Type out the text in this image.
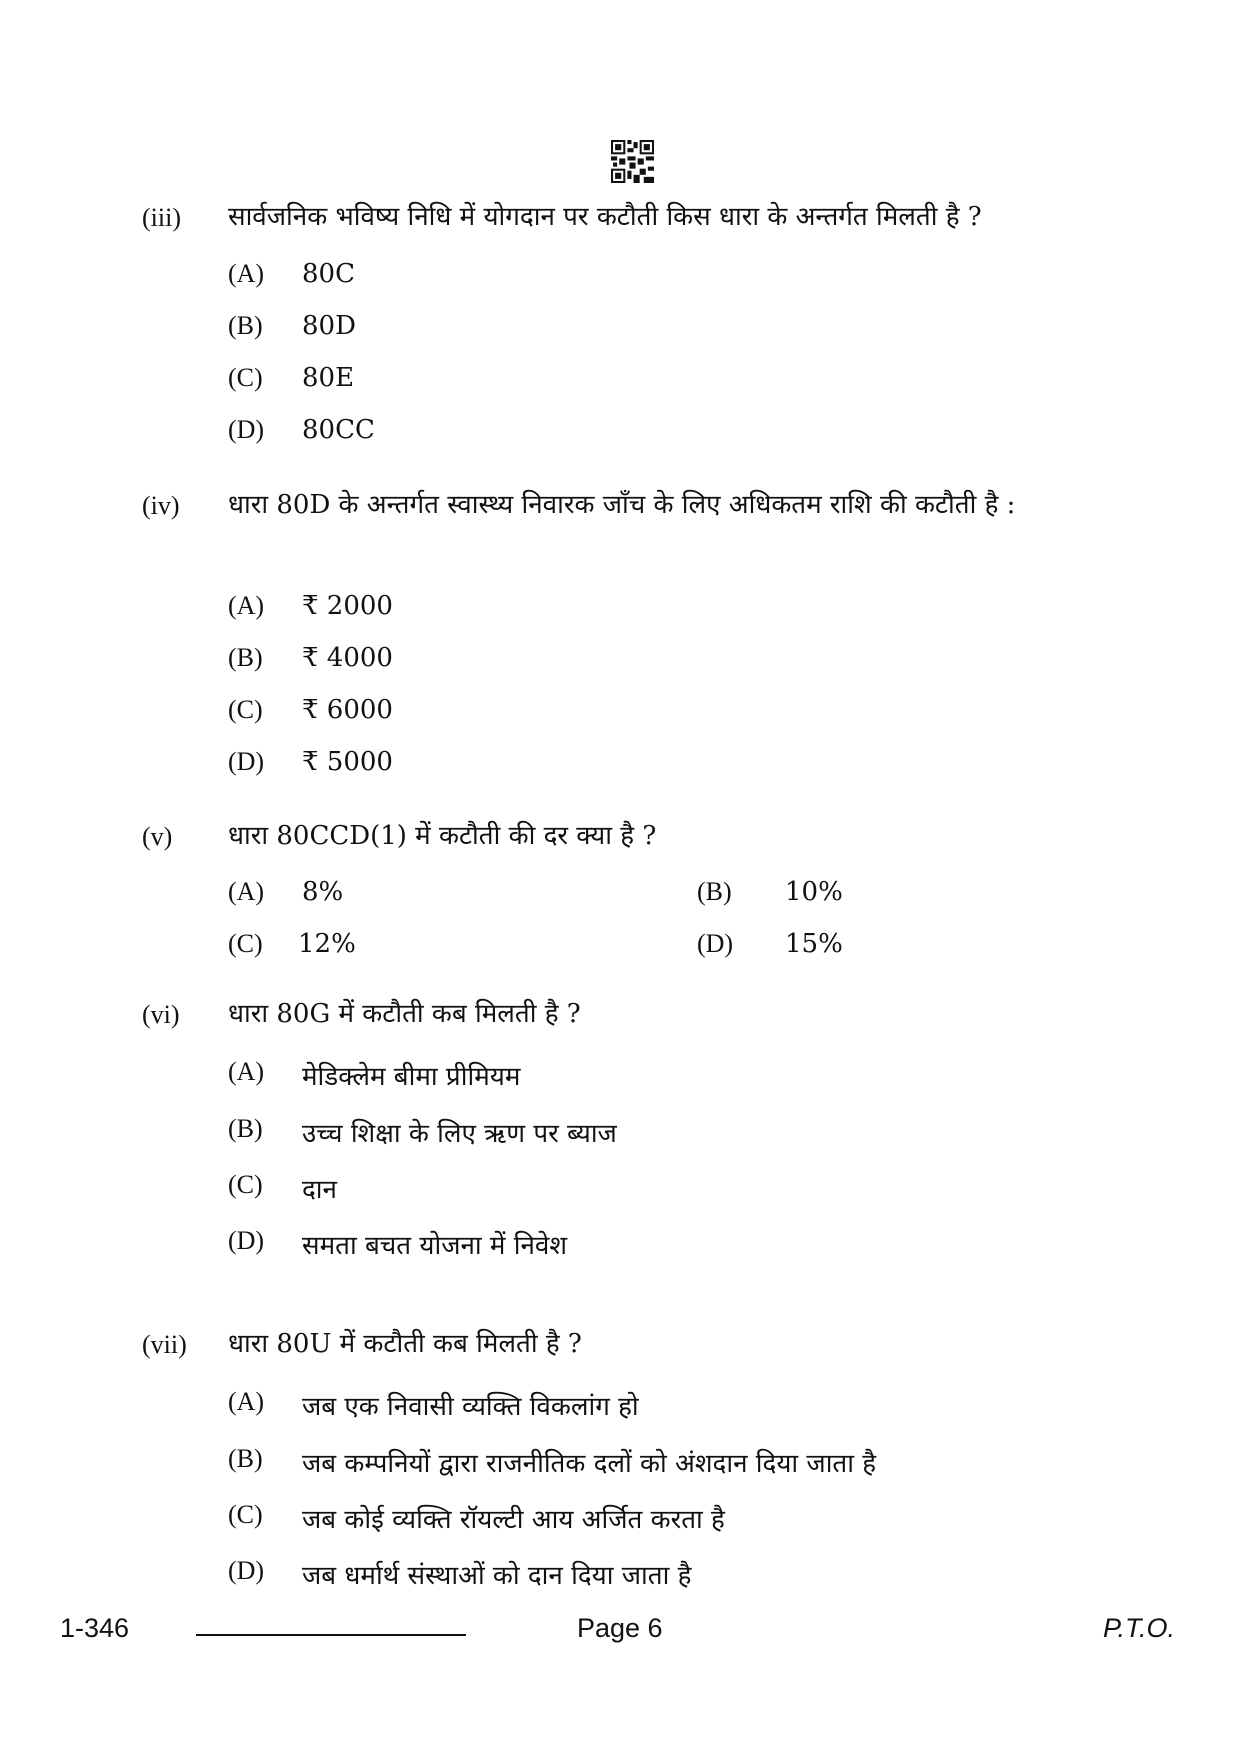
(iii) सार्वजनिक भविष्य निधि में योगदान पर कटौती किस धारा के अन्तर्गत मिलती है ?
(A) 80C
(B) 80D
(C) 80E
(D) 80CC
(iv) धारा 80D के अन्तर्गत स्वास्थ्य निवारक जाँच के लिए अधिकतम राशि की कटौती है :
(A) ₹ 2000
(B) ₹ 4000
(C) ₹ 6000
(D) ₹ 5000
(v) धारा 80CCD(1) में कटौती की दर क्या है ?
(A) 8%	(B) 10%
(C) 12%	(D) 15%
(vi) धारा 80G में कटौती कब मिलती है ?
(A) मेडिक्लेम बीमा प्रीमियम
(B) उच्च शिक्षा के लिए ऋण पर ब्याज
(C) दान
(D) समता बचत योजना में निवेश
(vii) धारा 80U में कटौती कब मिलती है ?
(A) जब एक निवासी व्यक्ति विकलांग हो
(B) जब कम्पनियों द्वारा राजनीतिक दलों को अंशदान दिया जाता है
(C) जब कोई व्यक्ति रॉयल्टी आय अर्जित करता है
(D) जब धर्मार्थ संस्थाओं को दान दिया जाता है
1-346	Page 6	P.T.O.
